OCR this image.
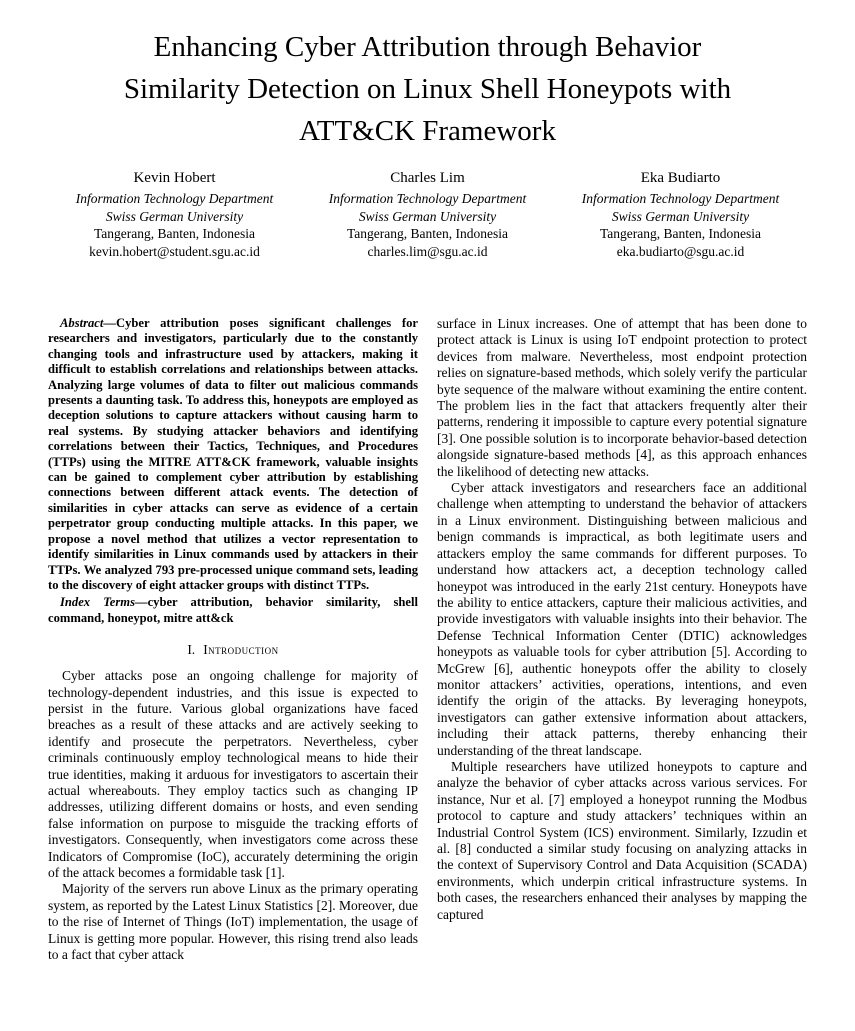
Enhancing Cyber Attribution through Behavior
Similarity Detection on Linux Shell Honeypots with
ATT&CK Framework
Kevin Hobert
Information Technology Department
Swiss German University
Tangerang, Banten, Indonesia
kevin.hobert@student.sgu.ac.id
Charles Lim
Information Technology Department
Swiss German University
Tangerang, Banten, Indonesia
charles.lim@sgu.ac.id
Eka Budiarto
Information Technology Department
Swiss German University
Tangerang, Banten, Indonesia
eka.budiarto@sgu.ac.id

Abstract—Cyber attribution poses significant challenges for researchers and investigators, particularly due to the constantly changing tools and infrastructure used by attackers, making it difficult to establish correlations and relationships between attacks. Analyzing large volumes of data to filter out malicious commands presents a daunting task. To address this, honeypots are employed as deception solutions to capture attackers without causing harm to real systems. By studying attacker behaviors and identifying correlations between their Tactics, Techniques, and Procedures (TTPs) using the MITRE ATT&CK framework, valuable insights can be gained to complement cyber attribution by establishing connections between different attack events. The detection of similarities in cyber attacks can serve as evidence of a certain perpetrator group conducting multiple attacks. In this paper, we propose a novel method that utilizes a vector representation to identify similarities in Linux commands used by attackers in their TTPs. We analyzed 793 pre-processed unique command sets, leading to the discovery of eight attacker groups with distinct TTPs.

Index Terms—cyber attribution, behavior similarity, shell command, honeypot, mitre att&ck

I. Introduction

Cyber attacks pose an ongoing challenge for majority of technology-dependent industries, and this issue is expected to persist in the future. Various global organizations have faced breaches as a result of these attacks and are actively seeking to identify and prosecute the perpetrators. Nevertheless, cyber criminals continuously employ technological means to hide their true identities, making it arduous for investigators to ascertain their actual whereabouts. They employ tactics such as changing IP addresses, utilizing different domains or hosts, and even sending false information on purpose to misguide the tracking efforts of investigators. Consequently, when investigators come across these Indicators of Compromise (IoC), accurately determining the origin of the attack becomes a formidable task [1].

Majority of the servers run above Linux as the primary operating system, as reported by the Latest Linux Statistics [2]. Moreover, due to the rise of Internet of Things (IoT) implementation, the usage of Linux is getting more popular. However, this rising trend also leads to a fact that cyber attack

surface in Linux increases. One of attempt that has been done to protect attack is Linux is using IoT endpoint protection to protect devices from malware. Nevertheless, most endpoint protection relies on signature-based methods, which solely verify the particular byte sequence of the malware without examining the entire content. The problem lies in the fact that attackers frequently alter their patterns, rendering it impossible to capture every potential signature [3]. One possible solution is to incorporate behavior-based detection alongside signature-based methods [4], as this approach enhances the likelihood of detecting new attacks.

Cyber attack investigators and researchers face an additional challenge when attempting to understand the behavior of attackers in a Linux environment. Distinguishing between malicious and benign commands is impractical, as both legitimate users and attackers employ the same commands for different purposes. To understand how attackers act, a deception technology called honeypot was introduced in the early 21st century. Honeypots have the ability to entice attackers, capture their malicious activities, and provide investigators with valuable insights into their behavior. The Defense Technical Information Center (DTIC) acknowledges honeypots as valuable tools for cyber attribution [5]. According to McGrew [6], authentic honeypots offer the ability to closely monitor attackers’ activities, operations, intentions, and even identify the origin of the attacks. By leveraging honeypots, investigators can gather extensive information about attackers, including their attack patterns, thereby enhancing their understanding of the threat landscape.

Multiple researchers have utilized honeypots to capture and analyze the behavior of cyber attacks across various services. For instance, Nur et al. [7] employed a honeypot running the Modbus protocol to capture and study attackers’ techniques within an Industrial Control System (ICS) environment. Similarly, Izzudin et al. [8] conducted a similar study focusing on analyzing attacks in the context of Supervisory Control and Data Acquisition (SCADA) environments, which underpin critical infrastructure systems. In both cases, the researchers enhanced their analyses by mapping the captured
